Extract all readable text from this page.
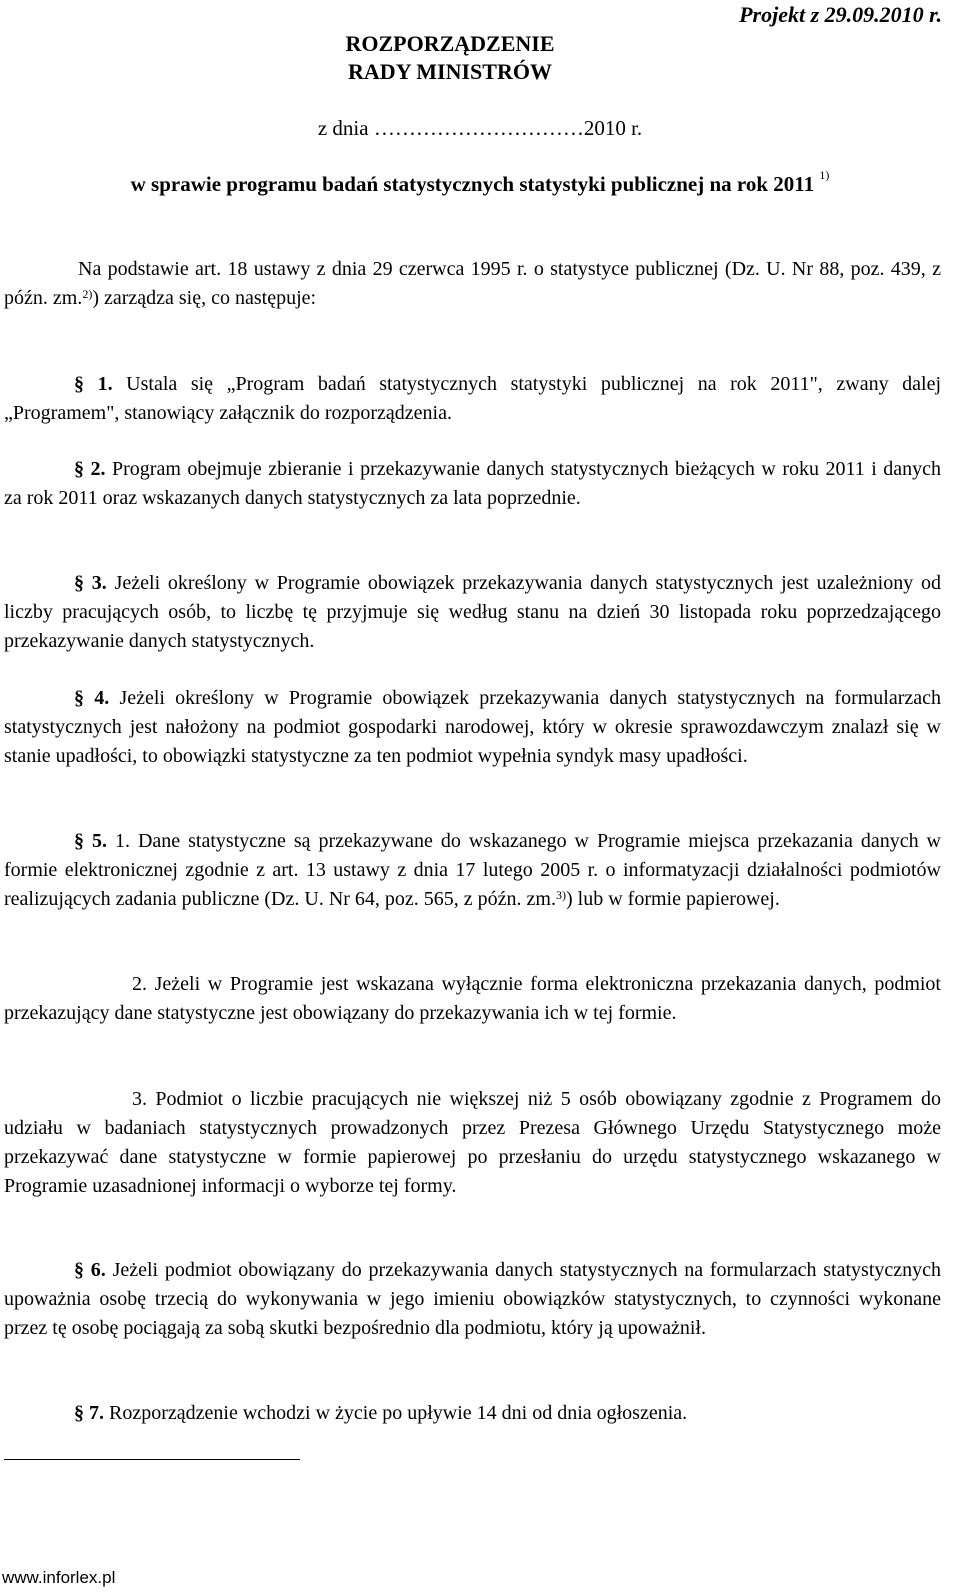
Projekt z 29.09.2010 r.
ROZPORZĄDZENIE
RADY MINISTRÓW
z dnia …………………………2010 r.
w sprawie programu badań statystycznych statystyki publicznej na rok 2011 $^{1)}$
Na podstawie art. 18 ustawy z dnia 29 czerwca 1995 r. o statystyce publicznej (Dz. U. Nr 88, poz. 439, z późn. zm.$^{2)}$) zarządza się, co następuje:
§ 1. Ustala się „Program badań statystycznych statystyki publicznej na rok 2011", zwany dalej „Programem", stanowiący załącznik do rozporządzenia.
§ 2. Program obejmuje zbieranie i przekazywanie danych statystycznych bieżących w roku 2011 i danych za rok 2011 oraz wskazanych danych statystycznych za lata poprzednie.
§ 3. Jeżeli określony w Programie obowiązek przekazywania danych statystycznych jest uzależniony od liczby pracujących osób, to liczbę tę przyjmuje się według stanu na dzień 30 listopada roku poprzedzającego przekazywanie danych statystycznych.
§ 4. Jeżeli określony w Programie obowiązek przekazywania danych statystycznych na formularzach statystycznych jest nałożony na podmiot gospodarki narodowej, który w okresie sprawozdawczym znalazł się w stanie upadłości, to obowiązki statystyczne za ten podmiot wypełnia syndyk masy upadłości.
§ 5. 1. Dane statystyczne są przekazywane do wskazanego w Programie miejsca przekazania danych w formie elektronicznej zgodnie z art. 13 ustawy z dnia 17 lutego 2005 r. o informatyzacji działalności podmiotów realizujących zadania publiczne (Dz. U. Nr 64, poz. 565, z późn. zm.$^{3)}$) lub w formie papierowej.
2. Jeżeli w Programie jest wskazana wyłącznie forma elektroniczna przekazania danych, podmiot przekazujący dane statystyczne jest obowiązany do przekazywania ich w tej formie.
3. Podmiot o liczbie pracujących nie większej niż 5 osób obowiązany zgodnie z Programem do udziału w badaniach statystycznych prowadzonych przez Prezesa Głównego Urzędu Statystycznego może przekazywać dane statystyczne w formie papierowej po przesłaniu do urzędu statystycznego wskazanego w Programie uzasadnionej informacji o wyborze tej formy.
§ 6. Jeżeli podmiot obowiązany do przekazywania danych statystycznych na formularzach statystycznych upoważnia osobę trzecią do wykonywania w jego imieniu obowiązków statystycznych, to czynności wykonane przez tę osobę pociągają za sobą skutki bezpośrednio dla podmiotu, który ją upoważnił.
§ 7. Rozporządzenie wchodzi w życie po upływie 14 dni od dnia ogłoszenia.
www.inforlex.pl
